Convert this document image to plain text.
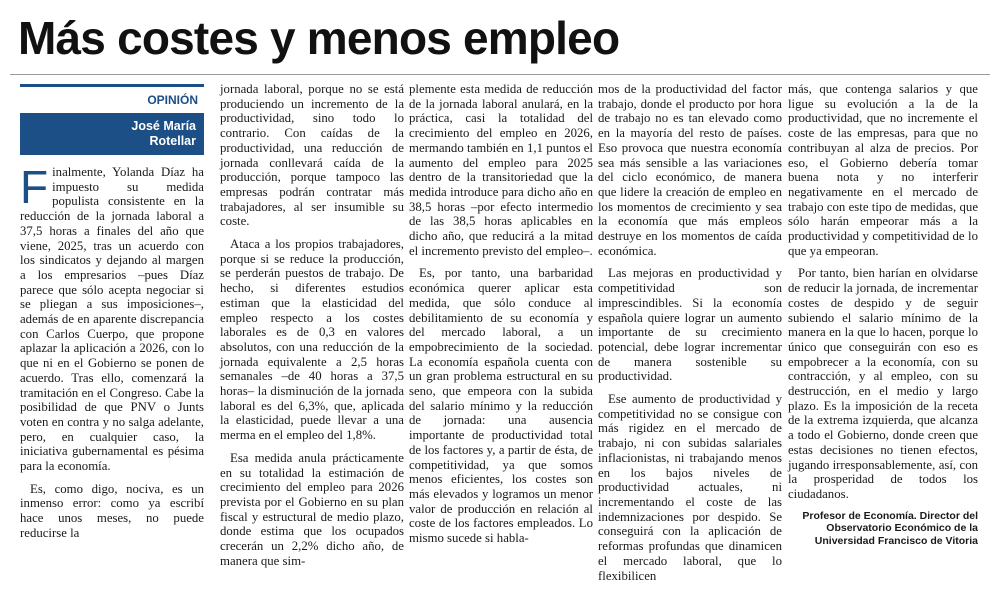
Más costes y menos empleo
OPINIÓN
José María
Rotellar

Finalmente, Yolanda Díaz ha impuesto su medida populista consistente en la reducción de la jornada laboral a 37,5 horas a finales del año que viene, 2025, tras un acuerdo con los sindicatos y dejando al margen a los empresarios –pues Díaz parece que sólo acepta negociar si se pliegan a sus imposiciones–, además de en aparente discrepancia con Carlos Cuerpo, que propone aplazar la aplicación a 2026, con lo que ni en el Gobierno se ponen de acuerdo. Tras ello, comenzará la tramitación en el Congreso. Cabe la posibilidad de que PNV o Junts voten en contra y no salga adelante, pero, en cualquier caso, la iniciativa gubernamental es pésima para la economía.

Es, como digo, nociva, es un inmenso error: como ya escribí hace unos meses, no puede reducirse la

jornada laboral, porque no se está produciendo un incremento de la productividad, sino todo lo contrario. Con caídas de la productividad, una reducción de jornada conllevará caída de la producción, porque tampoco las empresas podrán contratar más trabajadores, al ser insumible su coste.

Ataca a los propios trabajadores, porque si se reduce la producción, se perderán puestos de trabajo. De hecho, si diferentes estudios estiman que la elasticidad del empleo respecto a los costes laborales es de 0,3 en valores absolutos, con una reducción de la jornada equivalente a 2,5 horas semanales –de 40 horas a 37,5 horas– la disminución de la jornada laboral es del 6,3%, que, aplicada la elasticidad, puede llevar a una merma en el empleo del 1,8%.

Esa medida anula prácticamente en su totalidad la estimación de crecimiento del empleo para 2026 prevista por el Gobierno en su plan fiscal y estructural de medio plazo, donde estima que los ocupados crecerán un 2,2% dicho año, de manera que sim-

plemente esta medida de reducción de la jornada laboral anulará, en la práctica, casi la totalidad del crecimiento del empleo en 2026, mermando también en 1,1 puntos el aumento del empleo para 2025 dentro de la transitoriedad que la medida introduce para dicho año en 38,5 horas –por efecto intermedio de las 38,5 horas aplicables en dicho año, que reducirá a la mitad el incremento previsto del empleo–.

Es, por tanto, una barbaridad económica querer aplicar esta medida, que sólo conduce al debilitamiento de su economía y del mercado laboral, a un empobrecimiento de la sociedad. La economía española cuenta con un gran problema estructural en su seno, que empeora con la subida del salario mínimo y la reducción de jornada: una ausencia importante de productividad total de los factores y, a partir de ésta, de competitividad, ya que somos menos eficientes, los costes son más elevados y logramos un menor valor de producción en relación al coste de los factores empleados. Lo mismo sucede si habla-

mos de la productividad del factor trabajo, donde el producto por hora de trabajo no es tan elevado como en la mayoría del resto de países. Eso provoca que nuestra economía sea más sensible a las variaciones del ciclo económico, de manera que lidere la creación de empleo en los momentos de crecimiento y sea la economía que más empleos destruye en los momentos de caída económica.

Las mejoras en productividad y competitividad son imprescindibles. Si la economía española quiere lograr un aumento importante de su crecimiento potencial, debe lograr incrementar de manera sostenible su productividad.

Ese aumento de productividad y competitividad no se consigue con más rigidez en el mercado de trabajo, ni con subidas salariales inflacionistas, ni trabajando menos en los bajos niveles de productividad actuales, ni incrementando el coste de las indemnizaciones por despido. Se conseguirá con la aplicación de reformas profundas que dinamicen el mercado laboral, que lo flexibilicen

más, que contenga salarios y que ligue su evolución a la de la productividad, que no incremente el coste de las empresas, para que no contribuyan al alza de precios. Por eso, el Gobierno debería tomar buena nota y no interferir negativamente en el mercado de trabajo con este tipo de medidas, que sólo harán empeorar más a la productividad y competitividad de lo que ya empeoran.

Por tanto, bien harían en olvidarse de reducir la jornada, de incrementar costes de despido y de seguir subiendo el salario mínimo de la manera en la que lo hacen, porque lo único que conseguirán con eso es empobrecer a la economía, con su contracción, y al empleo, con su destrucción, en el medio y largo plazo. Es la imposición de la receta de la extrema izquierda, que alcanza a todo el Gobierno, donde creen que estas decisiones no tienen efectos, jugando irresponsablemente, así, con la prosperidad de todos los ciudadanos.

Profesor de Economía. Director del
Observatorio Económico de la
Universidad Francisco de Vitoria
